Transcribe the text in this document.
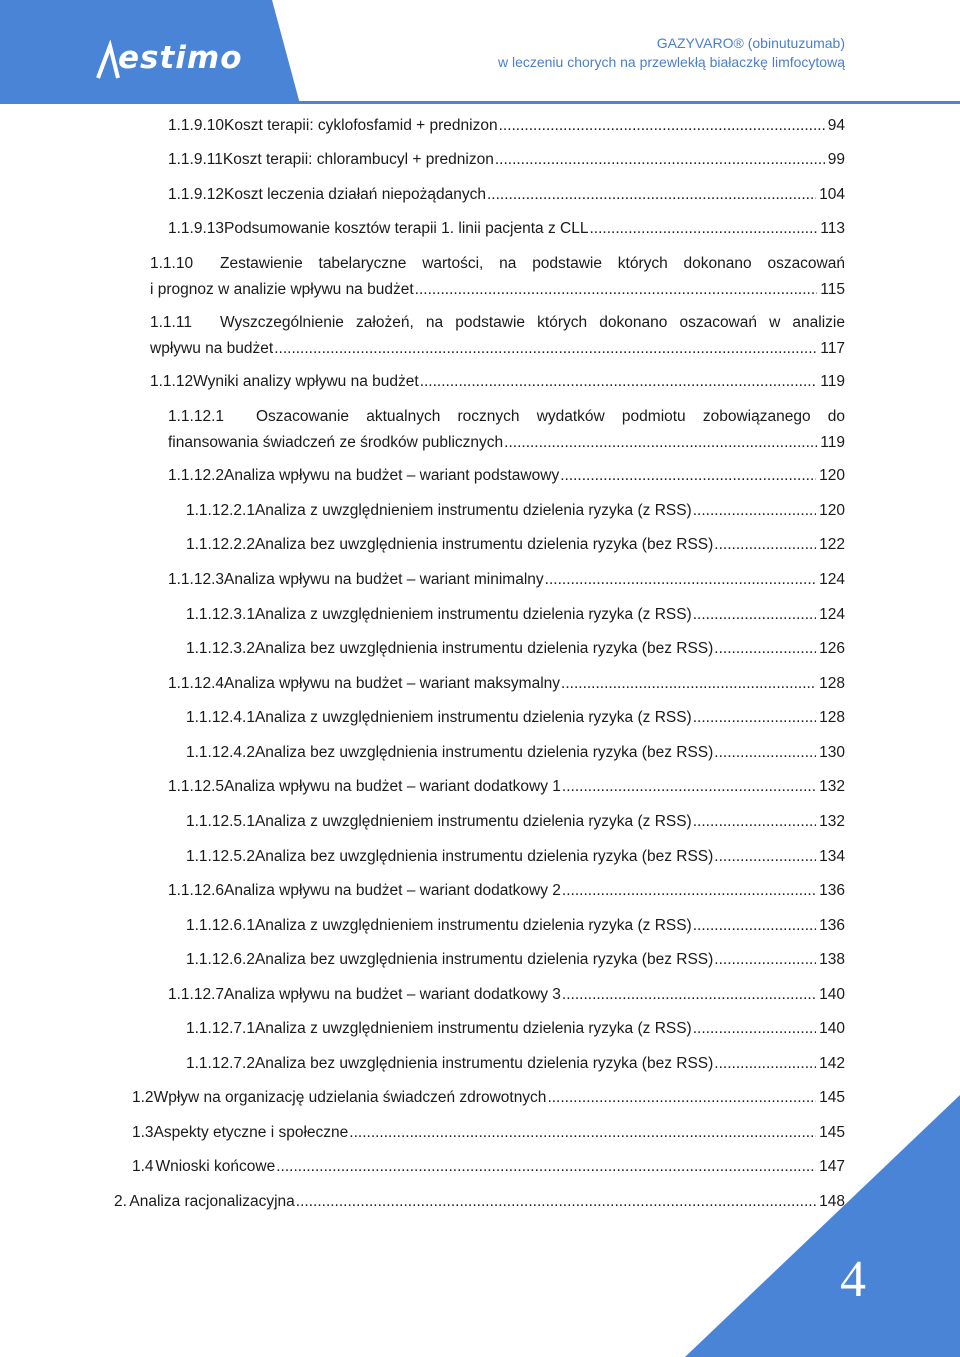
estimo	GAZYVARO® (obinutuzumab)
w leczeniu chorych na przewlekłą białaczkę limfocytową
1.1.9.10 Koszt terapii: cyklofosfamid + prednizon .....	94
1.1.9.11 Koszt terapii: chlorambucyl + prednizon .....	99
1.1.9.12 Koszt leczenia działań niepożądanych .....	104
1.1.9.13 Podsumowanie kosztów terapii 1. linii pacjenta z CLL .....	113
1.1.10	Zestawienie tabelaryczne wartości, na podstawie których dokonano oszacowań
i prognoz w analizie wpływu na budżet .....	115
1.1.11	Wyszczególnienie założeń, na podstawie których dokonano oszacowań w analizie
wpływu na budżet .....	117
1.1.12 Wyniki analizy wpływu na budżet .....	119
1.1.12.1	Oszacowanie aktualnych rocznych wydatków podmiotu zobowiązanego do
finansowania świadczeń ze środków publicznych .....	119
1.1.12.2 Analiza wpływu na budżet – wariant podstawowy .....	120
1.1.12.2.1 Analiza z uwzględnieniem instrumentu dzielenia ryzyka (z RSS) .....	120
1.1.12.2.2 Analiza bez uwzględnienia instrumentu dzielenia ryzyka (bez RSS) .....	122
1.1.12.3 Analiza wpływu na budżet – wariant minimalny .....	124
1.1.12.3.1 Analiza z uwzględnieniem instrumentu dzielenia ryzyka (z RSS) .....	124
1.1.12.3.2 Analiza bez uwzględnienia instrumentu dzielenia ryzyka (bez RSS) .....	126
1.1.12.4 Analiza wpływu na budżet – wariant maksymalny .....	128
1.1.12.4.1 Analiza z uwzględnieniem instrumentu dzielenia ryzyka (z RSS) .....	128
1.1.12.4.2 Analiza bez uwzględnienia instrumentu dzielenia ryzyka (bez RSS) .....	130
1.1.12.5 Analiza wpływu na budżet – wariant dodatkowy 1 .....	132
1.1.12.5.1 Analiza z uwzględnieniem instrumentu dzielenia ryzyka (z RSS) .....	132
1.1.12.5.2 Analiza bez uwzględnienia instrumentu dzielenia ryzyka (bez RSS) .....	134
1.1.12.6 Analiza wpływu na budżet – wariant dodatkowy 2 .....	136
1.1.12.6.1 Analiza z uwzględnieniem instrumentu dzielenia ryzyka (z RSS) .....	136
1.1.12.6.2 Analiza bez uwzględnienia instrumentu dzielenia ryzyka (bez RSS) .....	138
1.1.12.7 Analiza wpływu na budżet – wariant dodatkowy 3 .....	140
1.1.12.7.1 Analiza z uwzględnieniem instrumentu dzielenia ryzyka (z RSS) .....	140
1.1.12.7.2 Analiza bez uwzględnienia instrumentu dzielenia ryzyka (bez RSS) .....	142
1.2 Wpływ na organizację udzielania świadczeń zdrowotnych .....	145
1.3 Aspekty etyczne i społeczne .....	145
1.4 Wnioski końcowe .....	147
2. Analiza racjonalizacyjna .....	148
4
